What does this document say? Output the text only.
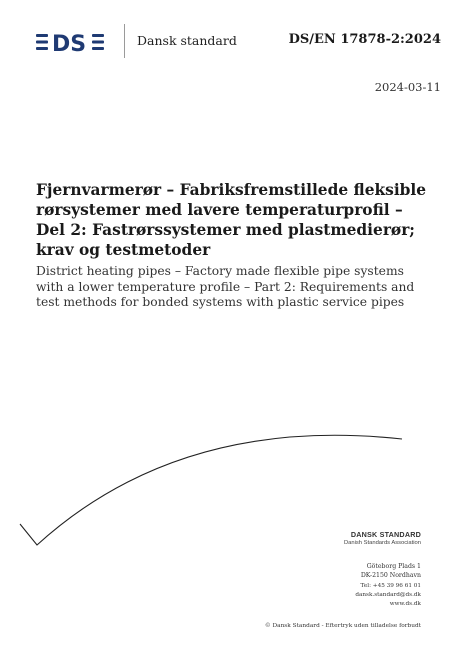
DS	Dansk standard	DS/EN 17878-2:2024
2024-03-11
Fjernvarmerør – Fabriksfremstillede fleksible rørsystemer med lavere temperaturprofil – Del 2: Fastrørssystemer med plastmedierør; krav og testmetoder
District heating pipes – Factory made flexible pipe systems with a lower temperature profile – Part 2: Requirements and test methods for bonded systems with plastic service pipes
DANSK STANDARD
Danish Standards Association
Göteborg Plads 1
DK-2150 Nordhavn
Tel: +45 39 96 61 01
dansk.standard@ds.dk
www.ds.dk
© Dansk Standard - Eftertryk uden tilladelse forbudt
